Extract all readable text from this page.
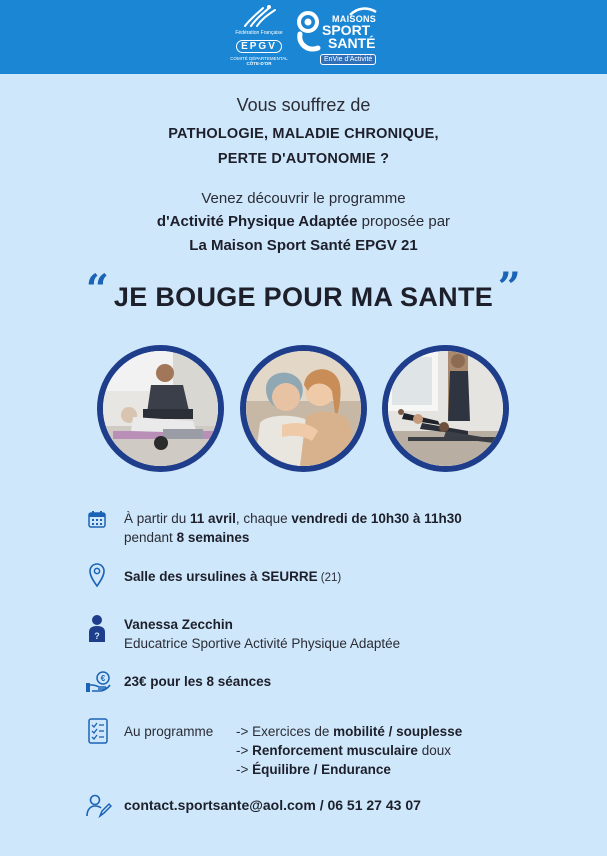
Fédération Française
EPGV
COMITÉ DÉPARTEMENTAL
CÔTE-D'OR
MAISONS
SPORT
SANTÉ
EnVie d'Activité
Vous souffrez de
PATHOLOGIE, MALADIE CHRONIQUE,
PERTE D'AUTONOMIE ?
Venez découvrir le programme
d'Activité Physique Adaptée proposée par
La Maison Sport Santé EPGV 21
“ JE BOUGE POUR MA SANTE ”
À partir du 11 avril, chaque vendredi de 10h30 à 11h30
pendant 8 semaines
Salle des ursulines à SEURRE (21)
?
Vanessa Zecchin
Educatrice Sportive Activité Physique Adaptée
€ 23€ pour les 8 séances
Au programme -> Exercices de mobilité / souplesse
-> Renforcement musculaire doux
-> Équilibre / Endurance
contact.sportsante@aol.com / 06 51 27 43 07
